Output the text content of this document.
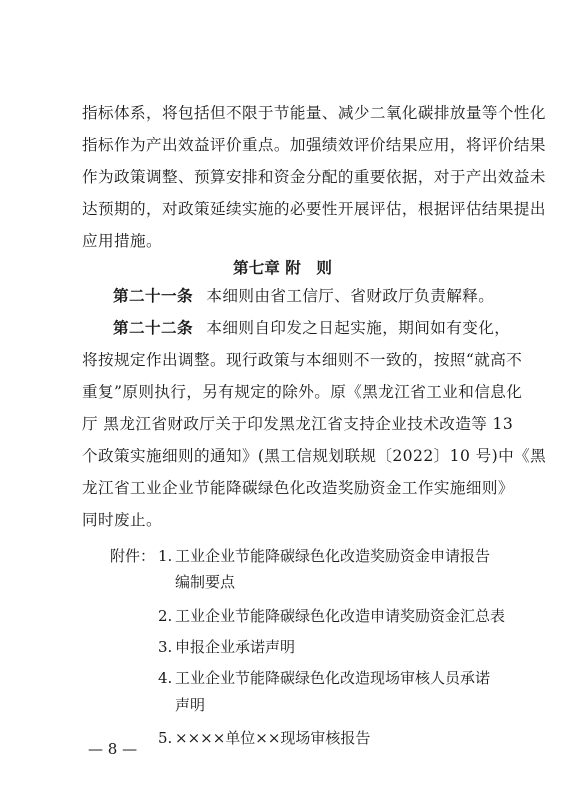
指标体系，将包括但不限于节能量、减少二氧化碳排放量等个性化
指标作为产出效益评价重点。加强绩效评价结果应用，将评价结果
作为政策调整、预算安排和资金分配的重要依据，对于产出效益未
达预期的，对政策延续实施的必要性开展评估，根据评估结果提出
应用措施。
第七章 附　则
第二十一条 本细则由省工信厅、省财政厅负责解释。
第二十二条 本细则自印发之日起实施，期间如有变化，
将按规定作出调整。现行政策与本细则不一致的，按照“就高不
重复”原则执行，另有规定的除外。原《黑龙江省工业和信息化
厅 黑龙江省财政厅关于印发黑龙江省支持企业技术改造等 13
个政策实施细则的通知》(黑工信规划联规〔2022〕10 号)中《黑
龙江省工业企业节能降碳绿色化改造奖励资金工作实施细则》
同时废止。
附件： 1. 工业企业节能降碳绿色化改造奖励资金申请报告
编制要点
2. 工业企业节能降碳绿色化改造申请奖励资金汇总表
3. 申报企业承诺声明
4. 工业企业节能降碳绿色化改造现场审核人员承诺
声明
5. ××××单位××现场审核报告
— 8 —
